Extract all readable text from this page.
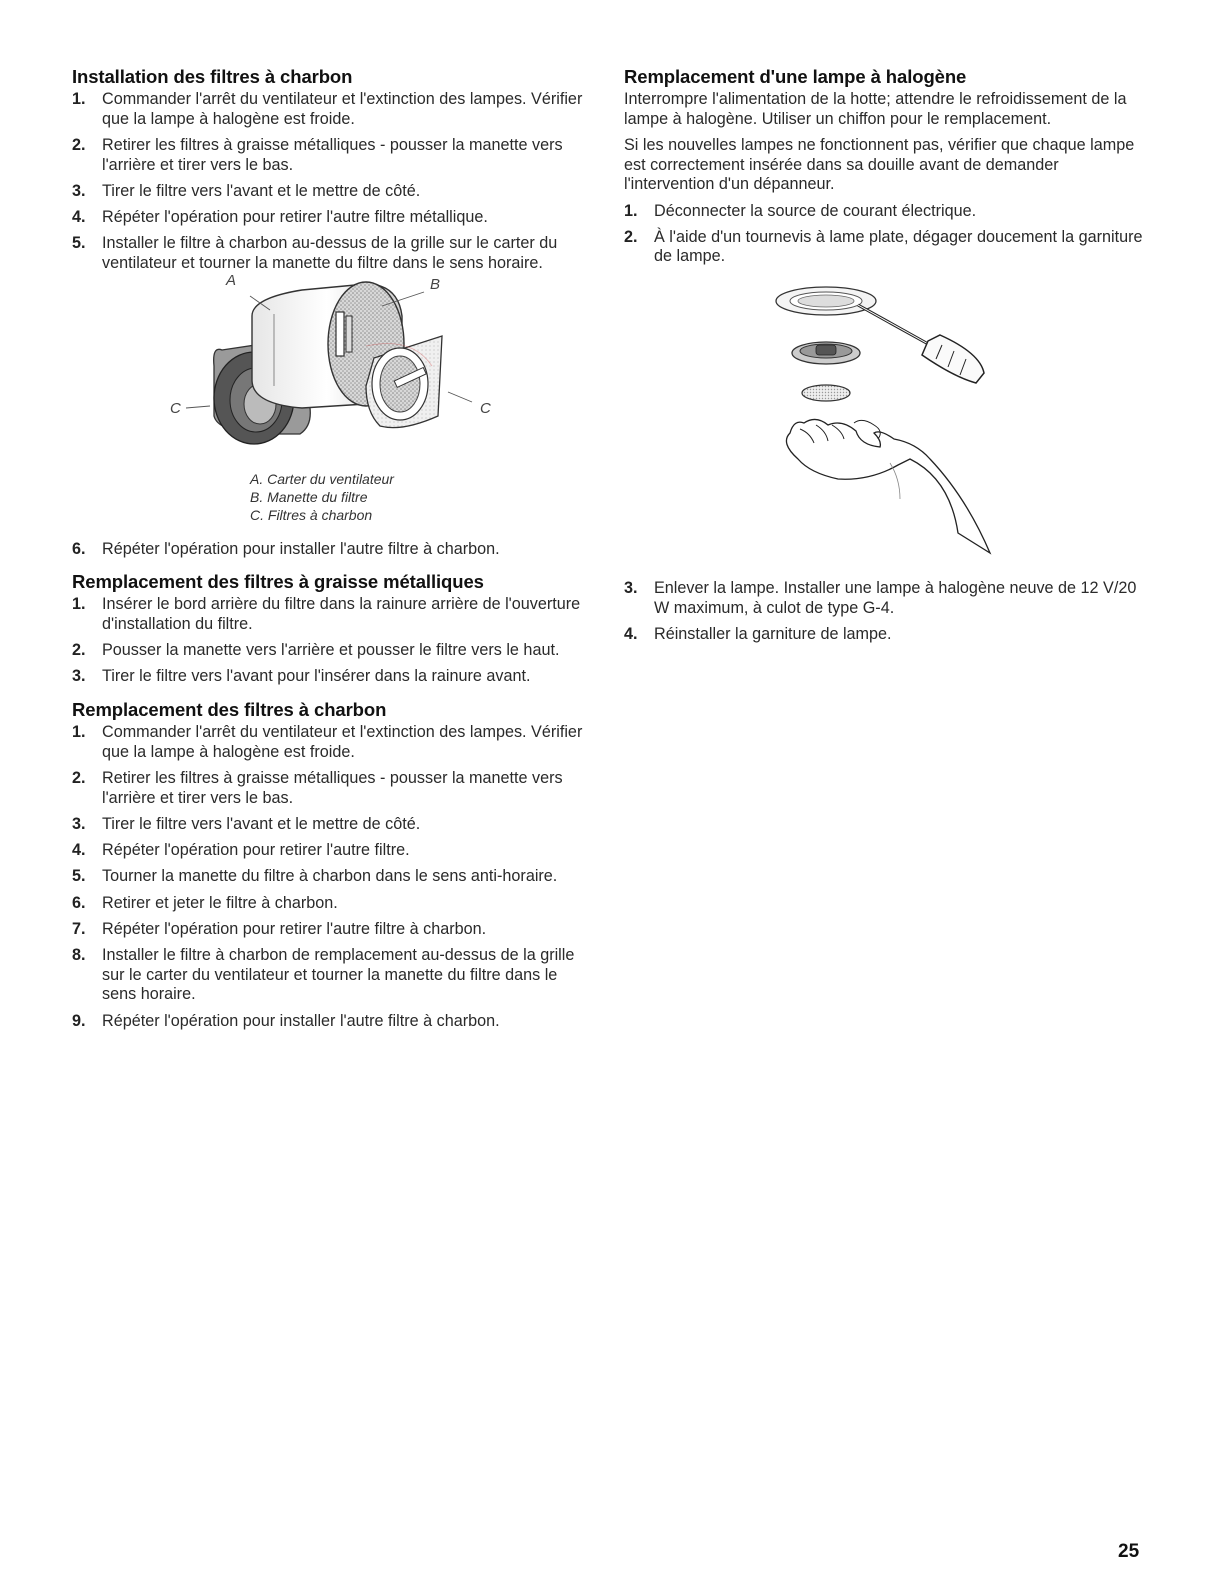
Installation des filtres à charbon
1. Commander l'arrêt du ventilateur et l'extinction des lampes. Vérifier que la lampe à halogène est froide.
2. Retirer les filtres à graisse métalliques - pousser la manette vers l'arrière et tirer vers le bas.
3. Tirer le filtre vers l'avant et le mettre de côté.
4. Répéter l'opération pour retirer l'autre filtre métallique.
5. Installer le filtre à charbon au-dessus de la grille sur le carter du ventilateur et tourner la manette du filtre dans le sens horaire.
A	B
C	C
A. Carter du ventilateur
B. Manette du filtre
C. Filtres à charbon
6. Répéter l'opération pour installer l'autre filtre à charbon.
Remplacement des filtres à graisse métalliques
1. Insérer le bord arrière du filtre dans la rainure arrière de l'ouverture d'installation du filtre.
2. Pousser la manette vers l'arrière et pousser le filtre vers le haut.
3. Tirer le filtre vers l'avant pour l'insérer dans la rainure avant.
Remplacement des filtres à charbon
1. Commander l'arrêt du ventilateur et l'extinction des lampes. Vérifier que la lampe à halogène est froide.
2. Retirer les filtres à graisse métalliques - pousser la manette vers l'arrière et tirer vers le bas.
3. Tirer le filtre vers l'avant et le mettre de côté.
4. Répéter l'opération pour retirer l'autre filtre.
5. Tourner la manette du filtre à charbon dans le sens anti-horaire.
6. Retirer et jeter le filtre à charbon.
7. Répéter l'opération pour retirer l'autre filtre à charbon.
8. Installer le filtre à charbon de remplacement au-dessus de la grille sur le carter du ventilateur et tourner la manette du filtre dans le sens horaire.
9. Répéter l'opération pour installer l'autre filtre à charbon.
Remplacement d'une lampe à halogène

Interrompre l'alimentation de la hotte; attendre le refroidissement de la lampe à halogène. Utiliser un chiffon pour le remplacement.

Si les nouvelles lampes ne fonctionnent pas, vérifier que chaque lampe est correctement insérée dans sa douille avant de demander l'intervention d'un dépanneur.

1. Déconnecter la source de courant électrique.
2. À l'aide d'un tournevis à lame plate, dégager doucement la garniture de lampe.
3. Enlever la lampe. Installer une lampe à halogène neuve de 12 V/20 W maximum, à culot de type G-4.
4. Réinstaller la garniture de lampe.
25
